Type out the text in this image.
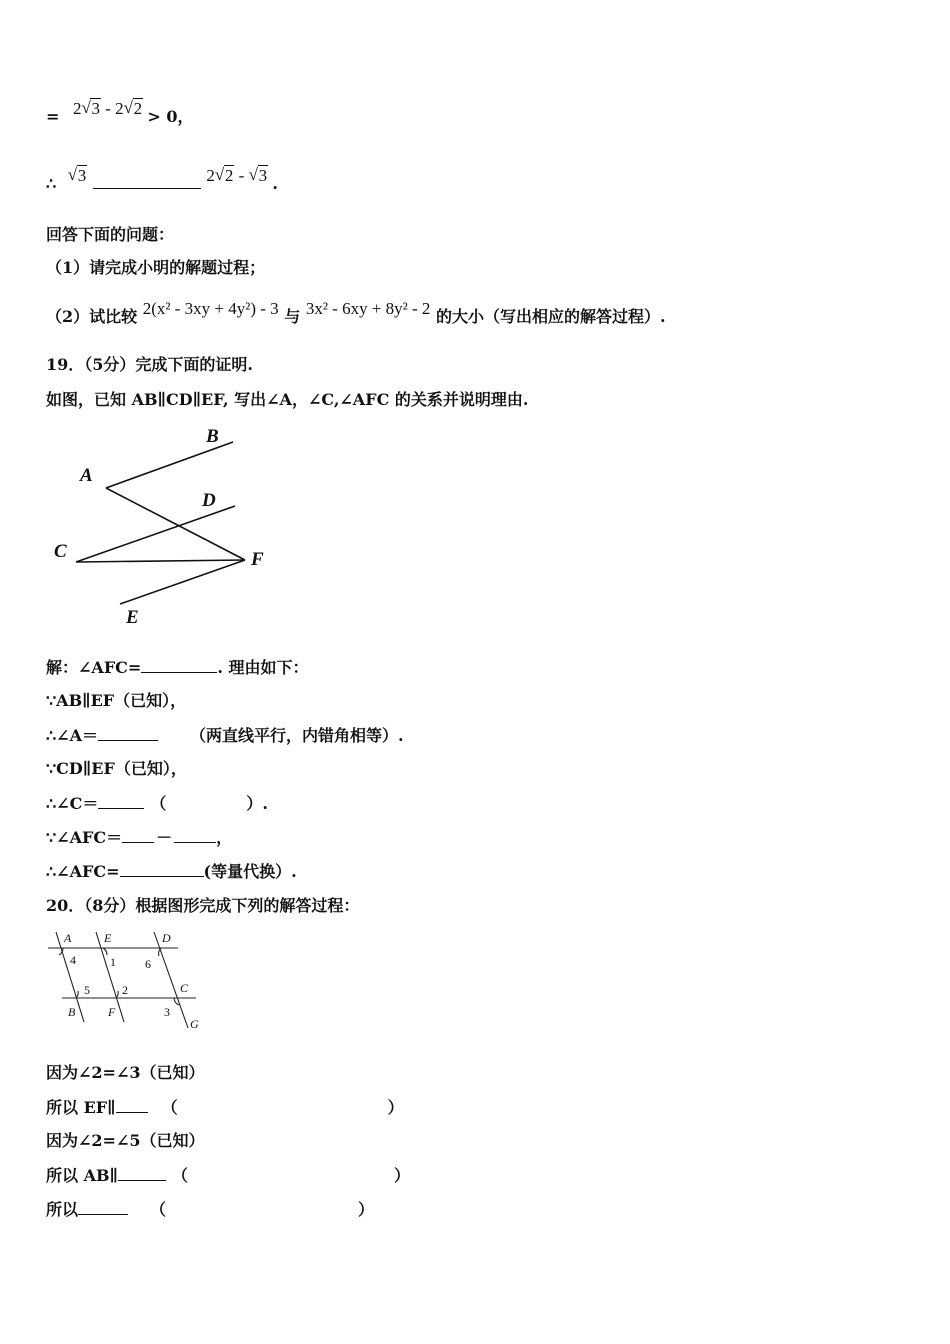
= 2 √ 3 - 2 √ 2 > 0，
∴ √ 3	2 √ 2 - √ 3 .
回答下面的问题：
（1）请完成小明的解题过程；
（2）试比较 2(x² - 3xy + 4y²) - 3 与 3x² - 6xy + 8y² - 2 的大小（写出相应的解答过程）.
19．（5分）完成下面的证明.
如图，已知 AB∥CD∥EF, 写出∠A，∠C,∠AFC 的关系并说明理由.
A
B
C
D
E
F
解：∠AFC=	. 理由如下：
∵AB∥EF（已知），
∴∠A＝	（两直线平行，内错角相等）.
∵CD∥EF（已知），
∴∠C＝	（	）.
∵∠AFC＝ －	，
∴∠AFC=	(等量代换）.
20．（8分）根据图形完成下列的解答过程：
A	E	D
C
B	F
G
4	1 6
5	2
3
因为∠2=∠3（已知）
所以 EF∥	（	）
因为∠2=∠5（已知）
所以 AB∥	（	）
所以	（	）
